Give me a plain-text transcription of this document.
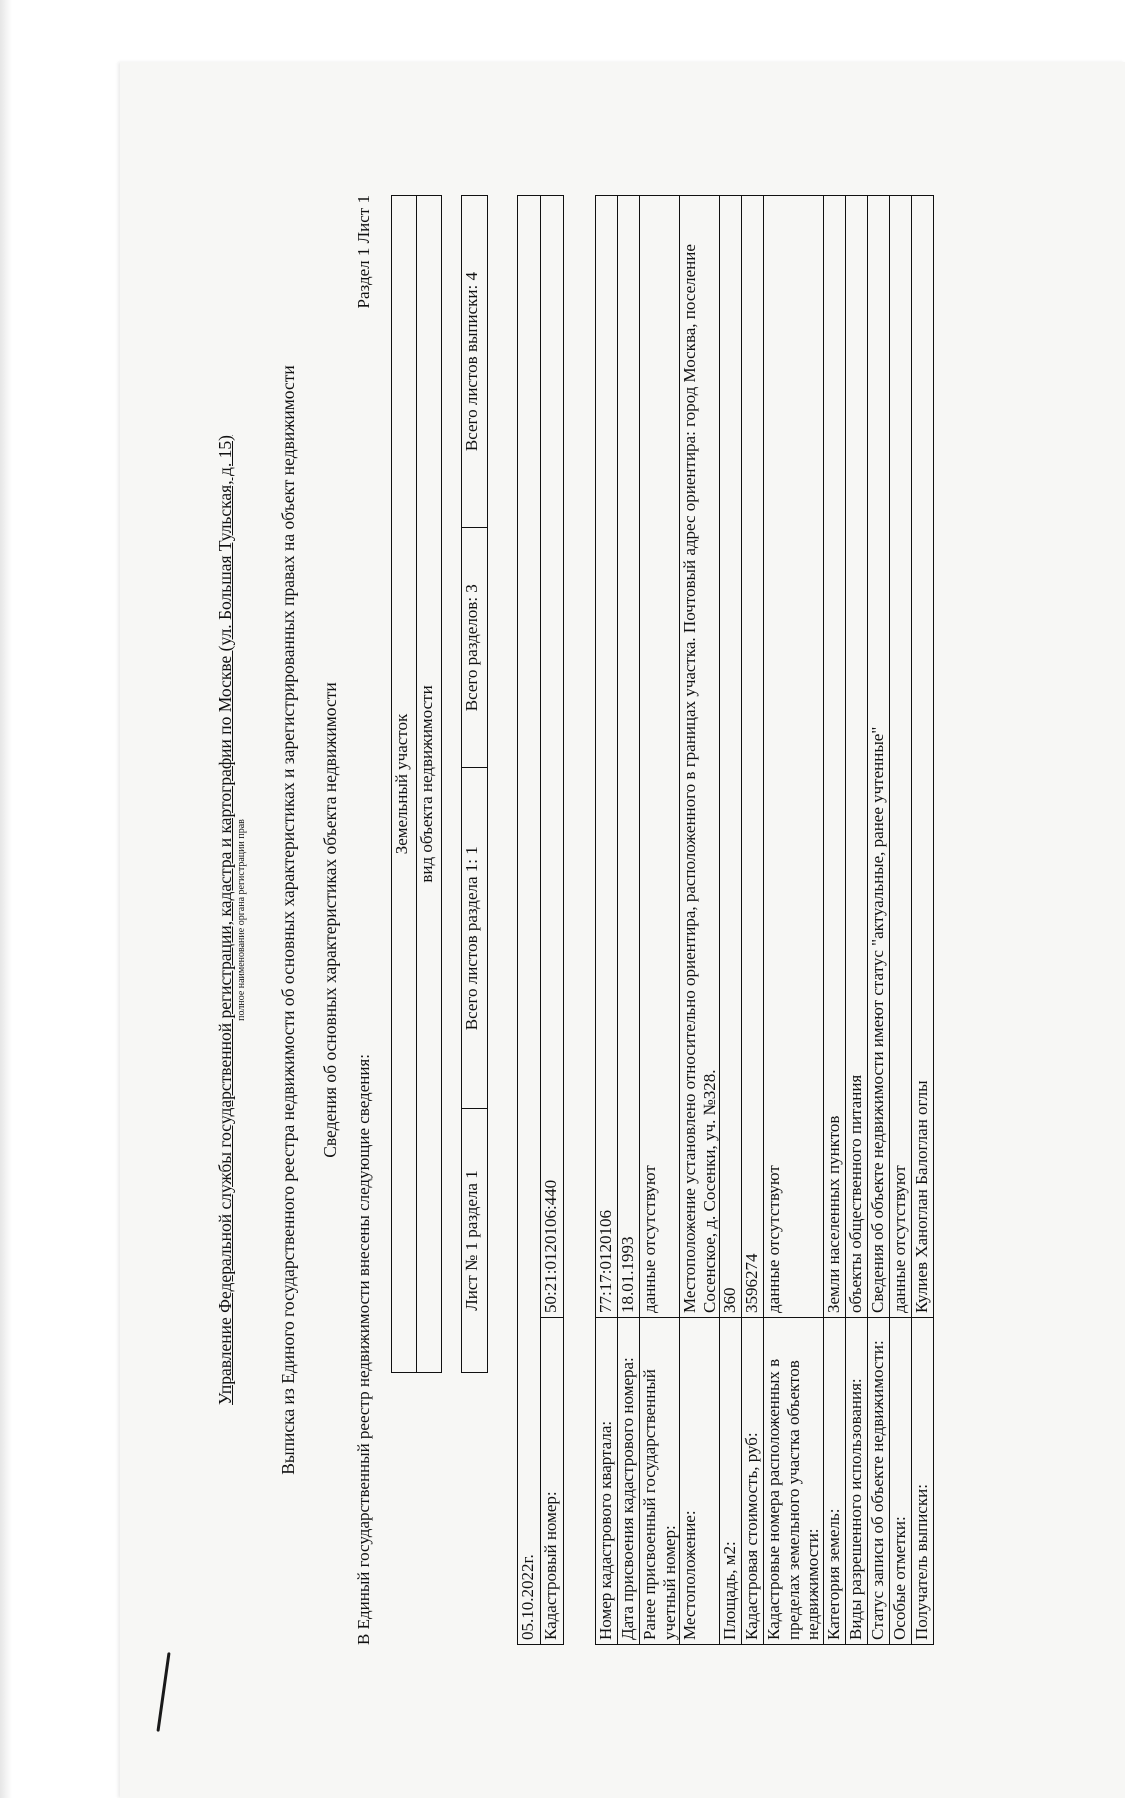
Управление Федеральной службы государственной регистрации, кадастра и картографии по Москве (ул. Большая Тульская, д. 15) полное наименование органа регистрации прав Выписка из Единого государственного реестра недвижимости об основных характеристиках и зарегистрированных правах на объект недвижимости Сведения об основных характеристиках объекта недвижимости
В Единый государственный реестр недвижимости внесены следующие сведения:
Раздел 1 Лист 1
Земельный участок
вид объекта недвижимости
Лист № 1 раздела 1	Всего листов раздела 1: 1	Всего разделов: 3	Всего листов выписки: 4
05.10.2022г.
Кадастровый номер:	50:21:0120106:440
Номер кадастрового квартала:	77:17:0120106
Дата присвоения кадастрового номера:	18.01.1993
Ранее присвоенный государственный учетный номер:	данные отсутствуют
Местоположение:	Местоположение установлено относительно ориентира, расположенного в границах участка. Почтовый адрес ориентира: город Москва, поселение Сосенское, д. Сосенки, уч. №328.
Площадь, м2:	360
Кадастровая стоимость, руб:	3596274
Кадастровые номера расположенных в пределах земельного участка объектов недвижимости:	данные отсутствуют
Категория земель:	Земли населенных пунктов
Виды разрешенного использования:	объекты общественного питания
Статус записи об объекте недвижимости:	Сведения об объекте недвижимости имеют статус "актуальные, ранее учтенные"
Особые отметки:	данные отсутствуют
Получатель выписки:	Кулиев Ханоглан Балоглан оглы
